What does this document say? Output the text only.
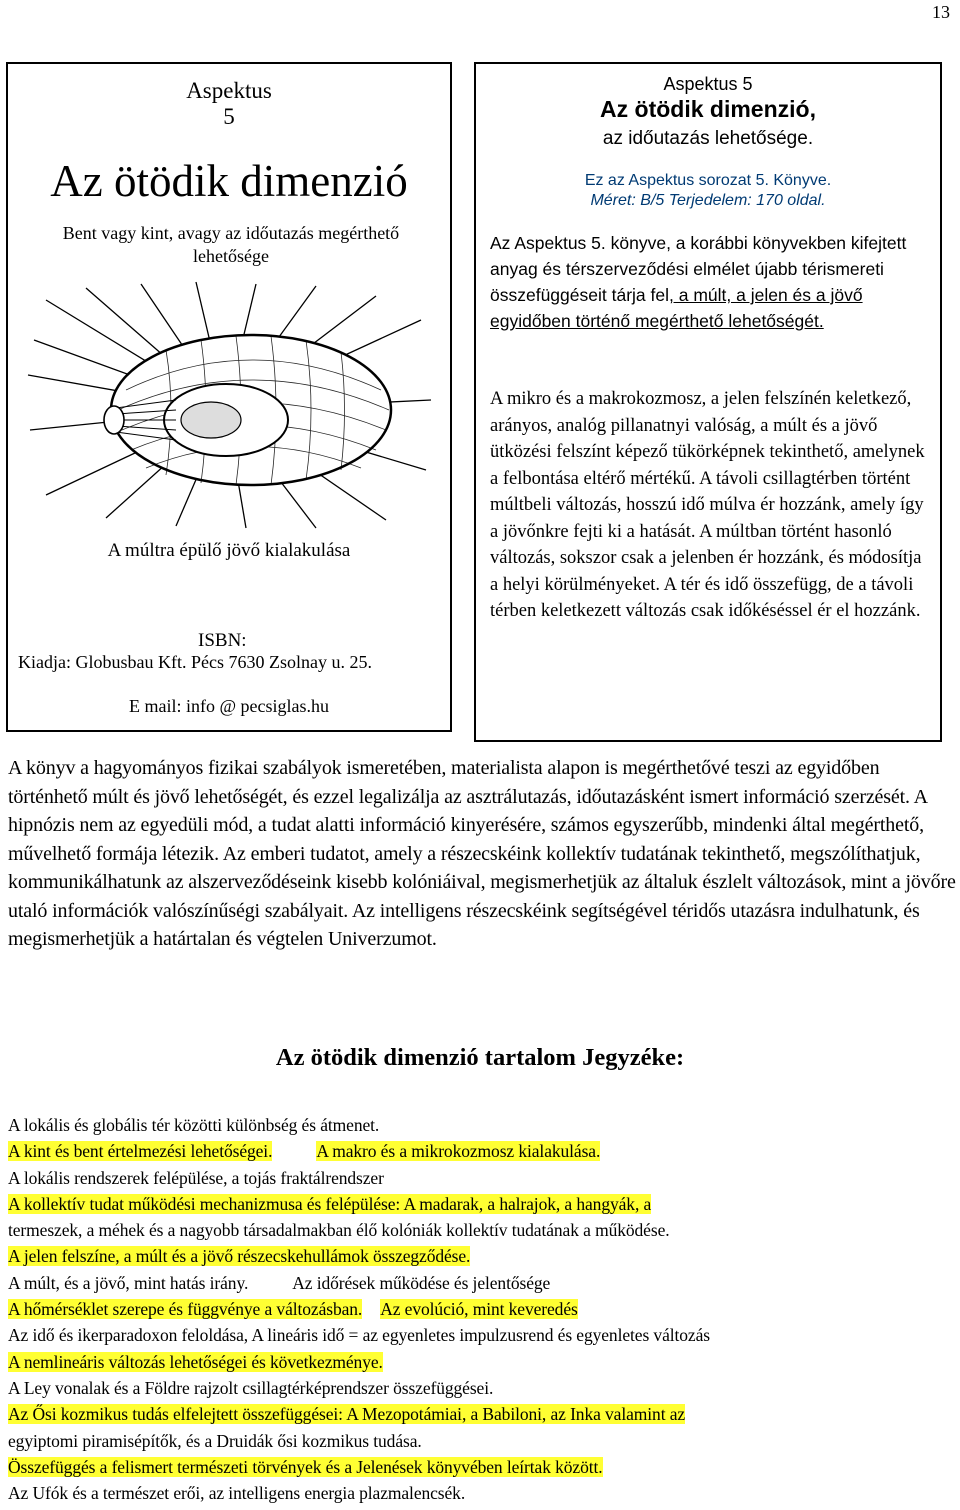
13
Aspektus
5
Az ötödik dimenzió
Bent vagy kint, avagy az időutazás megérthető lehetősége
A múltra épülő jövő kialakulása
ISBN:
Kiadja: Globusbau Kft. Pécs 7630 Zsolnay u. 25.
E mail: info @ pecsiglas.hu
Aspektus 5
Az ötödik dimenzió,
az időutazás lehetősége.
Ez az Aspektus sorozat 5. Könyve.
Méret: B/5 Terjedelem: 170 oldal.
Az Aspektus 5. könyve, a korábbi könyvekben kifejtett anyag és térszerveződési elmélet újabb térismereti összefüggéseit tárja fel, a múlt, a jelen és a jövő egyidőben történő megérthető lehetőségét.
A mikro és a makrokozmosz, a jelen felszínén keletkező, arányos, analóg pillanatnyi valóság, a múlt és a jövő ütközési felszínt képező tükörképnek tekinthető, amelynek a felbontása eltérő mértékű. A távoli csillagtérben történt múltbeli változás, hosszú idő múlva ér hozzánk, amely így a jövőnkre fejti ki a hatását. A múltban történt hasonló változás, sokszor csak a jelenben ér hozzánk, és módosítja a helyi körülményeket. A tér és idő összefügg, de a távoli térben keletkezett változás csak időkéséssel ér el hozzánk.
A könyv a hagyományos fizikai szabályok ismeretében, materialista alapon is megérthetővé teszi az egyidőben történhető múlt és jövő lehetőségét, és ezzel legalizálja az asztrálutazás, időutazásként ismert információ szerzését. A hipnózis nem az egyedüli mód, a tudat alatti információ kinyerésére, számos egyszerűbb, mindenki által megérthető, művelhető formája létezik. Az emberi tudatot, amely a részecskéink kollektív tudatának tekinthető, megszólíthatjuk, kommunikálhatunk az alszerveződéseink kisebb kolóniáival, megismerhetjük az általuk észlelt változások, mint a jövőre utaló információk valószínűségi szabályait. Az intelligens részecskéink segítségével téridős utazásra indulhatunk, és megismerhetjük a határtalan és végtelen Univerzumot.
Az ötödik dimenzió tartalom Jegyzéke:
A lokális és globális tér közötti különbség és átmenet.
A kint és bent értelmezési lehetőségei.	A makro és a mikrokozmosz kialakulása.
A lokális rendszerek felépülése, a tojás fraktálrendszer
A kollektív tudat működési mechanizmusa és felépülése: A madarak, a halrajok, a hangyák, a
termeszek, a méhek és a nagyobb társadalmakban élő kolóniák kollektív tudatának a működése.
A jelen felszíne, a múlt és a jövő részecskehullámok összegződése.
A múlt, és a jövő, mint hatás irány.	Az időrések működése és jelentősége
A hőmérséklet szerepe és függvénye a változásban. Az evolúció, mint keveredés
Az idő és ikerparadoxon feloldása, A lineáris idő = az egyenletes impulzusrend és egyenletes változás
A nemlineáris változás lehetőségei és következménye.
A Ley vonalak és a Földre rajzolt csillagtérképrendszer összefüggései.
Az Ősi kozmikus tudás elfelejtett összefüggései: A Mezopotámiai, a Babiloni, az Inka valamint az
egyiptomi piramisépítők, és a Druidák ősi kozmikus tudása.
Összefüggés a felismert természeti törvények és a Jelenések könyvében leírtak között.
Az Ufók és a természet erői, az intelligens energia plazmalencsék.
